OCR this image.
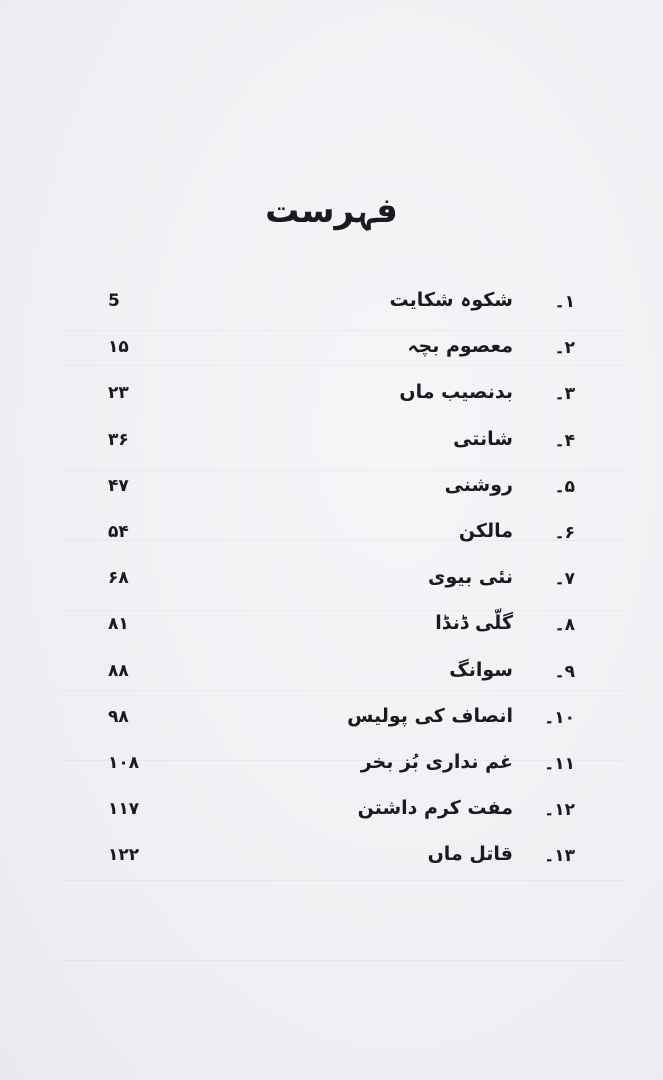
فہرست
۱۔
شکوہ شکایت
5
۲۔
معصوم بچہ
۱۵
۳۔
بدنصیب ماں
۲۳
۴۔
شانتی
۳۶
۵۔
روشنی
۴۷
۶۔
مالکن
۵۴
۷۔
نئی بیوی
۶۸
۸۔
گلّی ڈنڈا
۸۱
۹۔
سوانگ
۸۸
۱۰۔
انصاف کی پولیس
۹۸
۱۱۔
غم نداری بُز بخر
۱۰۸
۱۲۔
مفت کرم داشتن
۱۱۷
۱۳۔
قاتل ماں
۱۲۲
